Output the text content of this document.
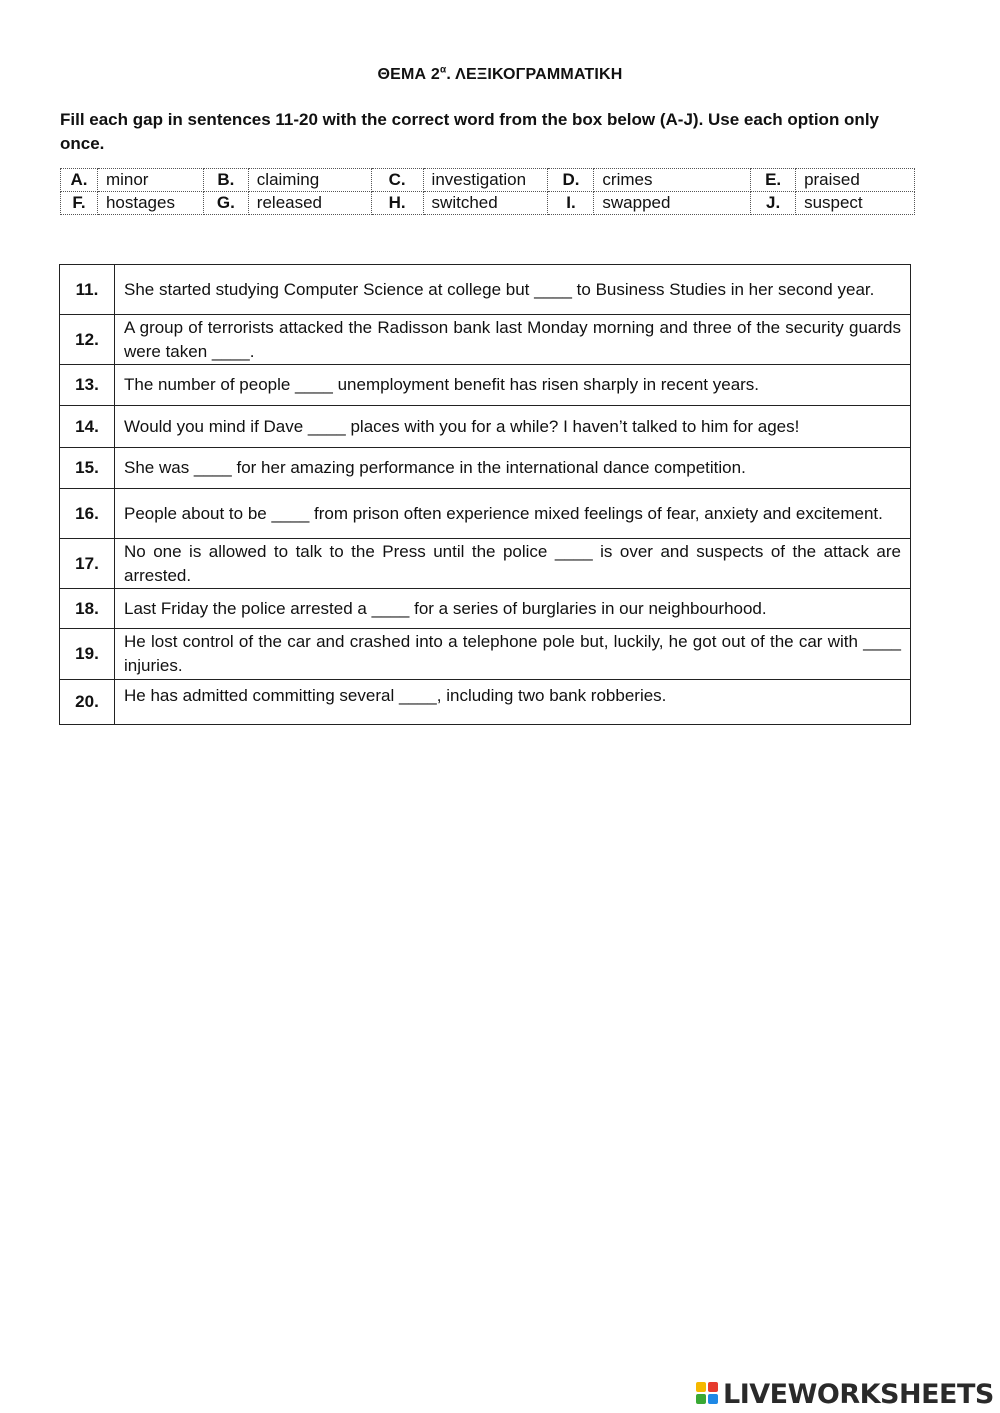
ΘΕΜΑ $2^\alpha$. ΛΕΞΙΚΟΓΡΑΜΜΑΤΙΚΗ
Fill each gap in sentences 11-20 with the correct word from the box below (A-J). Use each option only once.
A.	minor	B.	claiming	C.	investigation	D.	crimes	E.	praised
F.	hostages	G.	released	H.	switched	I.	swapped	J.	suspect
11.	She started studying Computer Science at college but ____ to Business Studies in her second year.
12.	A group of terrorists attacked the Radisson bank last Monday morning and three of the security guards were taken ____.
13.	The number of people ____ unemployment benefit has risen sharply in recent years.
14.	Would you mind if Dave ____ places with you for a while? I haven’t talked to him for ages!
15.	She was ____ for her amazing performance in the international dance competition.
16.	People about to be ____ from prison often experience mixed feelings of fear, anxiety and excitement.
17.	No one is allowed to talk to the Press until the police ____ is over and suspects of the attack are arrested.
18.	Last Friday the police arrested a ____ for a series of burglaries in our neighbourhood.
19.	He lost control of the car and crashed into a telephone pole but, luckily, he got out of the car with ____ injuries.
20.	He has admitted committing several ____, including two bank robberies.
LIVEWORKSHEETS
